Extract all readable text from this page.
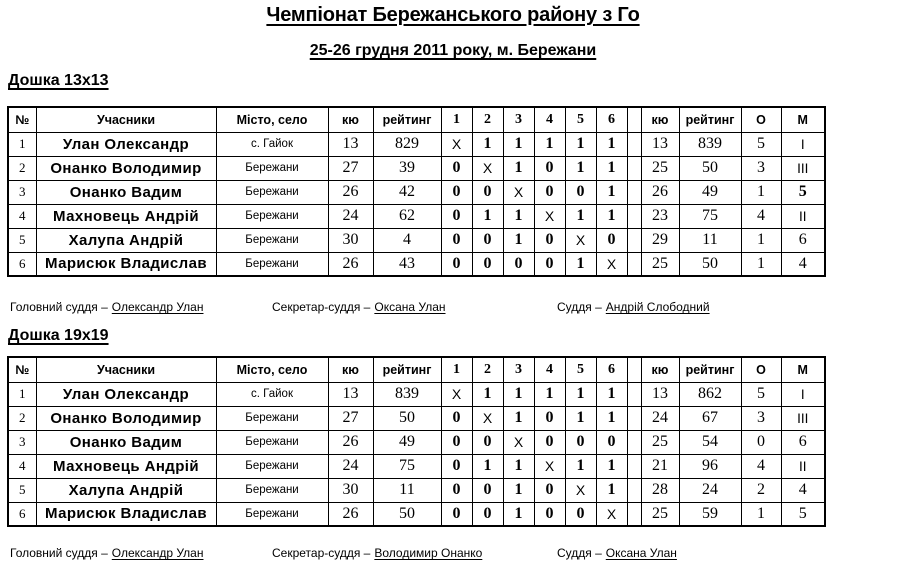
Чемпіонат Бережанського району з Го
25-26 грудня 2011 року, м. Бережани
Дошка 13x13
№	Учасники	Місто, село	кю	рейтинг	1	2	3	4	5	6		кю	рейтинг	О	М
1	Улан Олександр	с. Гайок	13	829	X	1	1	1	1	1		13	839	5	I
2	Онанко Володимир	Бережани	27	39	0	X	1	0	1	1		25	50	3	III
3	Онанко Вадим	Бережани	26	42	0	0	X	0	0	1		26	49	1	5
4	Махновець Андрій	Бережани	24	62	0	1	1	X	1	1		23	75	4	II
5	Халупа Андрій	Бережани	30	4	0	0	1	0	X	0		29	11	1	6
6	Марисюк Владислав	Бережани	26	43	0	0	0	0	1	X		25	50	1	4
Головний суддя – Олександр Улан	Секретар-суддя – Оксана Улан	Суддя – Андрій Слободний
Дошка 19x19
№	Учасники	Місто, село	кю	рейтинг	1	2	3	4	5	6		кю	рейтинг	О	М
1	Улан Олександр	с. Гайок	13	839	X	1	1	1	1	1		13	862	5	I
2	Онанко Володимир	Бережани	27	50	0	X	1	0	1	1		24	67	3	III
3	Онанко Вадим	Бережани	26	49	0	0	X	0	0	0		25	54	0	6
4	Махновець Андрій	Бережани	24	75	0	1	1	X	1	1		21	96	4	II
5	Халупа Андрій	Бережани	30	11	0	0	1	0	X	1		28	24	2	4
6	Марисюк Владислав	Бережани	26	50	0	0	1	0	0	X		25	59	1	5
Головний суддя – Олександр Улан	Секретар-суддя – Володимир Онанко	Суддя – Оксана Улан
